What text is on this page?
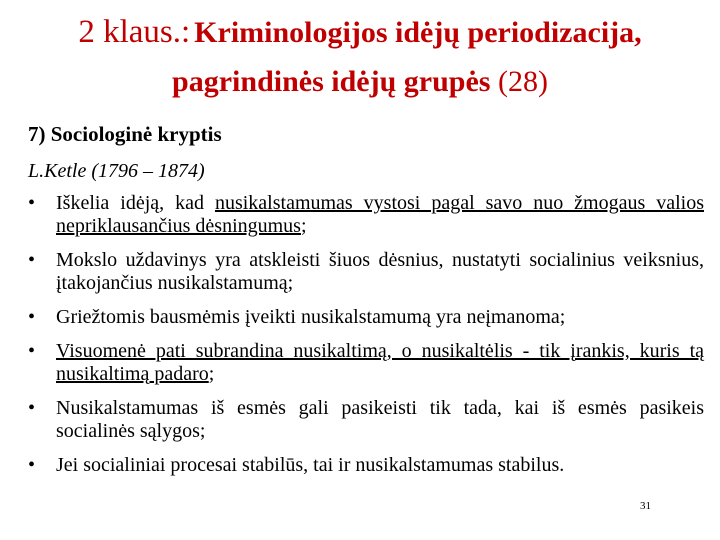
2 klaus.: Kriminologijos idėjų periodizacija,
pagrindinės idėjų grupės (28)
7) Sociologinė kryptis
L.Ketle (1796 – 1874)
• Iškelia idėją, kad nusikalstamumas vystosi pagal savo nuo žmogaus valios nepriklausančius dėsningumus;
• Mokslo uždavinys yra atskleisti šiuos dėsnius, nustatyti socialinius veiksnius, įtakojančius nusikalstamumą;
• Griežtomis bausmėmis įveikti nusikalstamumą yra neįmanoma;
• Visuomenė pati subrandina nusikaltimą, o nusikaltėlis - tik įrankis, kuris tą nusikaltimą padaro;
• Nusikalstamumas iš esmės gali pasikeisti tik tada, kai iš esmės pasikeis socialinės sąlygos;
• Jei socialiniai procesai stabilūs, tai ir nusikalstamumas stabilus.
31
